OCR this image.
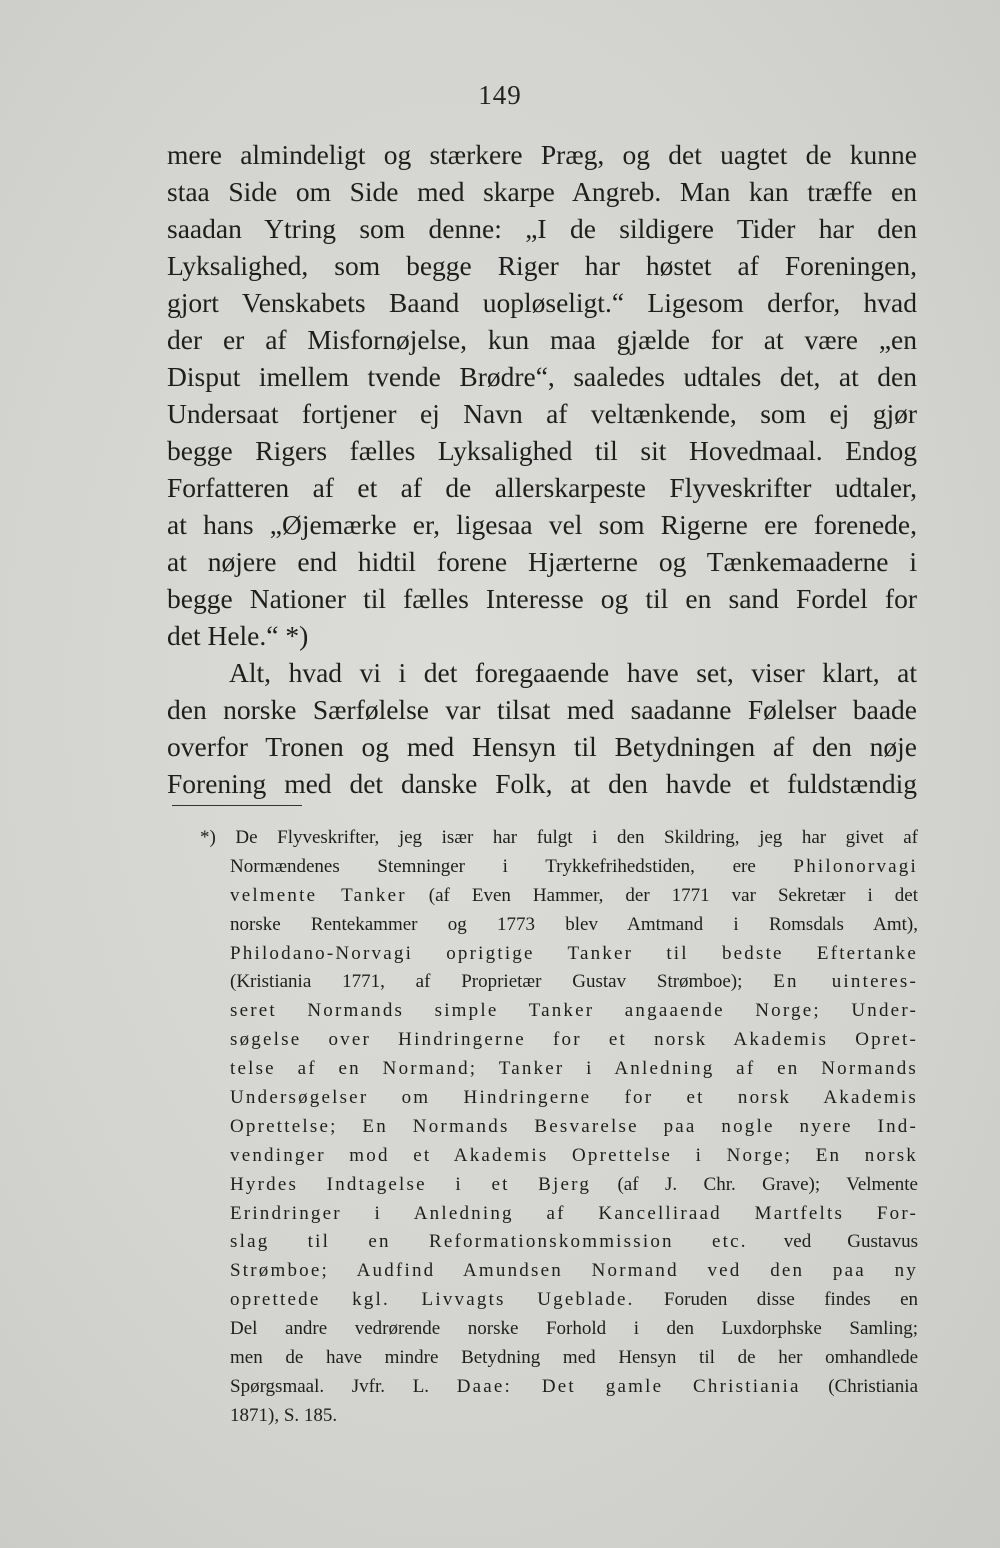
149
mere almindeligt og stærkere Præg, og det uagtet de kunne
staa Side om Side med skarpe Angreb. Man kan træffe en
saadan Ytring som denne: „I de sildigere Tider har den
Lyksalighed, som begge Riger har høstet af Foreningen,
gjort Venskabets Baand uopløseligt.“ Ligesom derfor, hvad
der er af Misfornøjelse, kun maa gjælde for at være „en
Disput imellem tvende Brødre“, saaledes udtales det, at den
Undersaat fortjener ej Navn af veltænkende, som ej gjør
begge Rigers fælles Lyksalighed til sit Hovedmaal. Endog
Forfatteren af et af de allerskarpeste Flyveskrifter udtaler,
at hans „Øjemærke er, ligesaa vel som Rigerne ere forenede,
at nøjere end hidtil forene Hjærterne og Tænkemaaderne i
begge Nationer til fælles Interesse og til en sand Fordel for
det Hele.“ *)
Alt, hvad vi i det foregaaende have set, viser klart, at
den norske Særfølelse var tilsat med saadanne Følelser baade
overfor Tronen og med Hensyn til Betydningen af den nøje
Forening med det danske Folk, at den havde et fuldstændig
*) De Flyveskrifter, jeg især har fulgt i den Skildring, jeg har givet af
Normændenes Stemninger i Trykkefrihedstiden, ere Philonorvagi
velmente Tanker (af Even Hammer, der 1771 var Sekretær i det
norske Rentekammer og 1773 blev Amtmand i Romsdals Amt),
Philodano-Norvagi oprigtige Tanker til bedste Eftertanke
(Kristiania 1771, af Proprietær Gustav Strømboe); En uinteres-
seret Normands simple Tanker angaaende Norge; Under-
søgelse over Hindringerne for et norsk Akademis Opret-
telse af en Normand; Tanker i Anledning af en Normands
Undersøgelser om Hindringerne for et norsk Akademis
Oprettelse; En Normands Besvarelse paa nogle nyere Ind-
vendinger mod et Akademis Oprettelse i Norge; En norsk
Hyrdes Indtagelse i et Bjerg (af J. Chr. Grave); Velmente
Erindringer i Anledning af Kancelliraad Martfelts For-
slag til en Reformationskommission etc. ved Gustavus
Strømboe; Audfind Amundsen Normand ved den paa ny
oprettede kgl. Livvagts Ugeblade. Foruden disse findes en
Del andre vedrørende norske Forhold i den Luxdorphske Samling;
men de have mindre Betydning med Hensyn til de her omhandlede
Spørgsmaal. Jvfr. L. Daae: Det gamle Christiania (Christiania
1871), S. 185.
